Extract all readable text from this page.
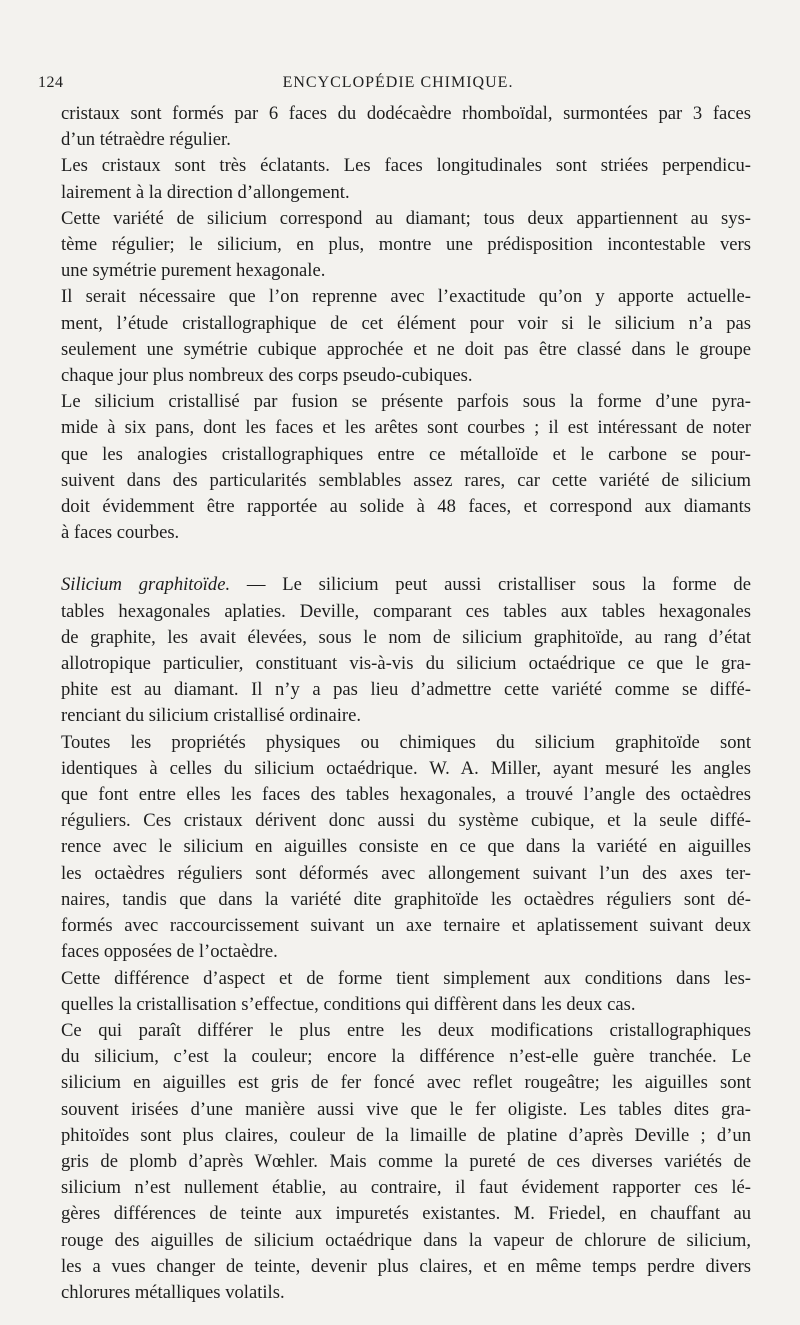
124	ENCYCLOPÉDIE CHIMIQUE.
cristaux sont formés par 6 faces du dodécaèdre rhomboïdal, surmontées par 3 faces
d’un tétraèdre régulier.
Les cristaux sont très éclatants. Les faces longitudinales sont striées perpendicu-
lairement à la direction d’allongement.
Cette variété de silicium correspond au diamant; tous deux appartiennent au sys-
tème régulier; le silicium, en plus, montre une prédisposition incontestable vers
une symétrie purement hexagonale.
Il serait nécessaire que l’on reprenne avec l’exactitude qu’on y apporte actuelle-
ment, l’étude cristallographique de cet élément pour voir si le silicium n’a pas
seulement une symétrie cubique approchée et ne doit pas être classé dans le groupe
chaque jour plus nombreux des corps pseudo-cubiques.
Le silicium cristallisé par fusion se présente parfois sous la forme d’une pyra-
mide à six pans, dont les faces et les arêtes sont courbes ; il est intéressant de noter
que les analogies cristallographiques entre ce métalloïde et le carbone se pour-
suivent dans des particularités semblables assez rares, car cette variété de silicium
doit évidemment être rapportée au solide à 48 faces, et correspond aux diamants
à faces courbes.
Silicium graphitoïde. — Le silicium peut aussi cristalliser sous la forme de
tables hexagonales aplaties. Deville, comparant ces tables aux tables hexagonales
de graphite, les avait élevées, sous le nom de silicium graphitoïde, au rang d’état
allotropique particulier, constituant vis-à-vis du silicium octaédrique ce que le gra-
phite est au diamant. Il n’y a pas lieu d’admettre cette variété comme se diffé-
renciant du silicium cristallisé ordinaire.
Toutes les propriétés physiques ou chimiques du silicium graphitoïde sont
identiques à celles du silicium octaédrique. W. A. Miller, ayant mesuré les angles
que font entre elles les faces des tables hexagonales, a trouvé l’angle des octaèdres
réguliers. Ces cristaux dérivent donc aussi du système cubique, et la seule diffé-
rence avec le silicium en aiguilles consiste en ce que dans la variété en aiguilles
les octaèdres réguliers sont déformés avec allongement suivant l’un des axes ter-
naires, tandis que dans la variété dite graphitoïde les octaèdres réguliers sont dé-
formés avec raccourcissement suivant un axe ternaire et aplatissement suivant deux
faces opposées de l’octaèdre.
Cette différence d’aspect et de forme tient simplement aux conditions dans les-
quelles la cristallisation s’effectue, conditions qui diffèrent dans les deux cas.
Ce qui paraît différer le plus entre les deux modifications cristallographiques
du silicium, c’est la couleur; encore la différence n’est-elle guère tranchée. Le
silicium en aiguilles est gris de fer foncé avec reflet rougeâtre; les aiguilles sont
souvent irisées d’une manière aussi vive que le fer oligiste. Les tables dites gra-
phitoïdes sont plus claires, couleur de la limaille de platine d’après Deville ; d’un
gris de plomb d’après Wœhler. Mais comme la pureté de ces diverses variétés de
silicium n’est nullement établie, au contraire, il faut évidement rapporter ces lé-
gères différences de teinte aux impuretés existantes. M. Friedel, en chauffant au
rouge des aiguilles de silicium octaédrique dans la vapeur de chlorure de silicium,
les a vues changer de teinte, devenir plus claires, et en même temps perdre divers
chlorures métalliques volatils.
